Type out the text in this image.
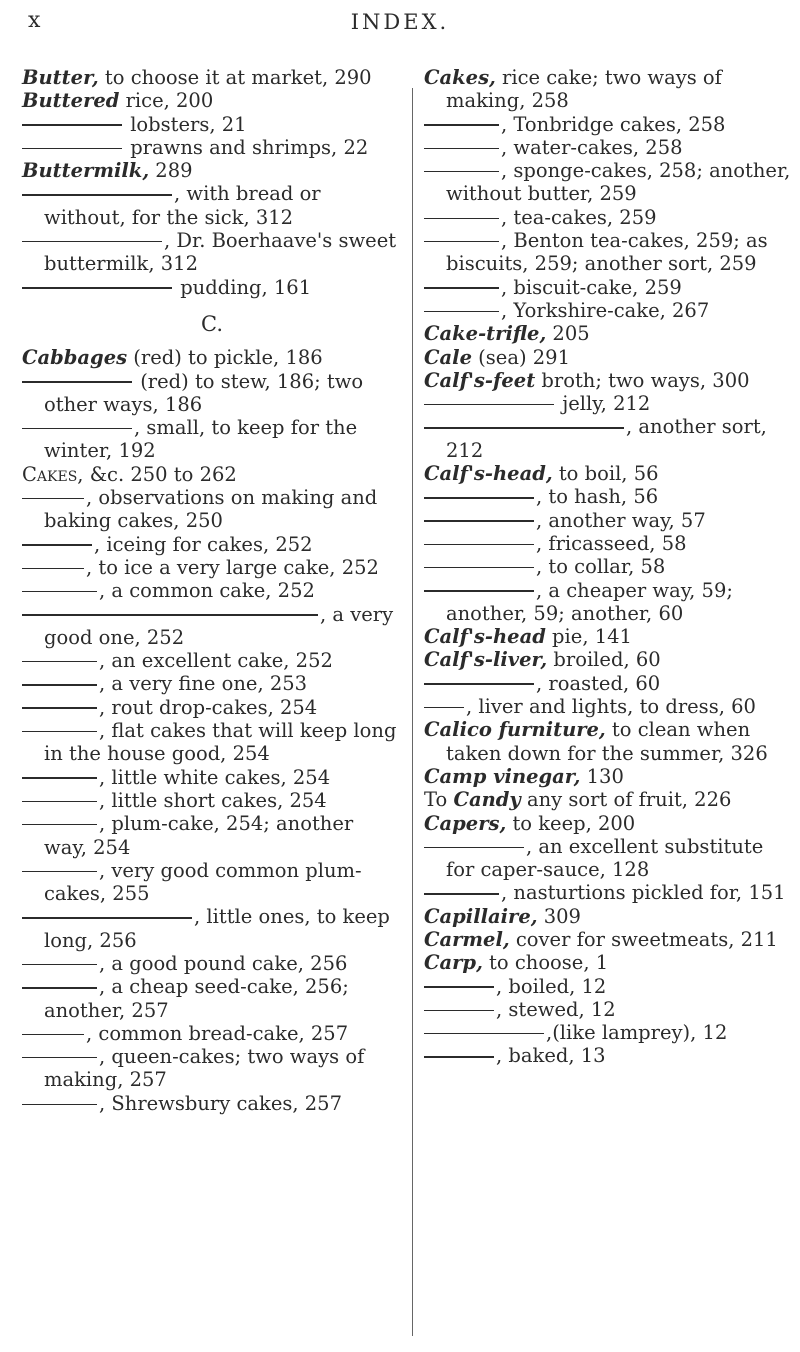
x	INDEX.

Butter, to choose it at market, 290

Buttered rice, 200

lobsters, 21

prawns and shrimps, 22

Buttermilk, 289

, with bread or without, for the sick, 312

, Dr. Boerhaave's sweet buttermilk, 312

pudding, 161

C.

Cabbages (red) to pickle, 186

(red) to stew, 186; two other ways, 186

, small, to keep for the winter, 192

Cakes, &c. 250 to 262

, observations on making and baking cakes, 250

, iceing for cakes, 252

, to ice a very large cake, 252

, a common cake, 252

, a very good one, 252

, an excellent cake, 252

, a very fine one, 253

, rout drop-cakes, 254

, flat cakes that will keep long in the house good, 254

, little white cakes, 254

, little short cakes, 254

, plum-cake, 254; another way, 254

, very good common plum-cakes, 255

, little ones, to keep long, 256

, a good pound cake, 256

, a cheap seed-cake, 256; another, 257

, common bread-cake, 257

, queen-cakes; two ways of making, 257

, Shrewsbury cakes, 257

Cakes, rice cake; two ways of making, 258

, Tonbridge cakes, 258

, water-cakes, 258

, sponge-cakes, 258; another, without butter, 259

, tea-cakes, 259

, Benton tea-cakes, 259; as biscuits, 259; another sort, 259

, biscuit-cake, 259

, Yorkshire-cake, 267

Cake-trifle, 205

Cale (sea) 291

Calf's-feet broth; two ways, 300

jelly, 212

, another sort, 212

Calf's-head, to boil, 56

, to hash, 56

, another way, 57

, fricasseed, 58

, to collar, 58

, a cheaper way, 59; another, 59; another, 60

Calf's-head pie, 141

Calf's-liver, broiled, 60

, roasted, 60

, liver and lights, to dress, 60

Calico furniture, to clean when taken down for the summer, 326

Camp vinegar, 130

To Candy any sort of fruit, 226

Capers, to keep, 200

, an excellent substitute for caper-sauce, 128

, nasturtions pickled for, 151

Capillaire, 309

Carmel, cover for sweetmeats, 211

Carp, to choose, 1

, boiled, 12

, stewed, 12

,(like lamprey), 12

, baked, 13
